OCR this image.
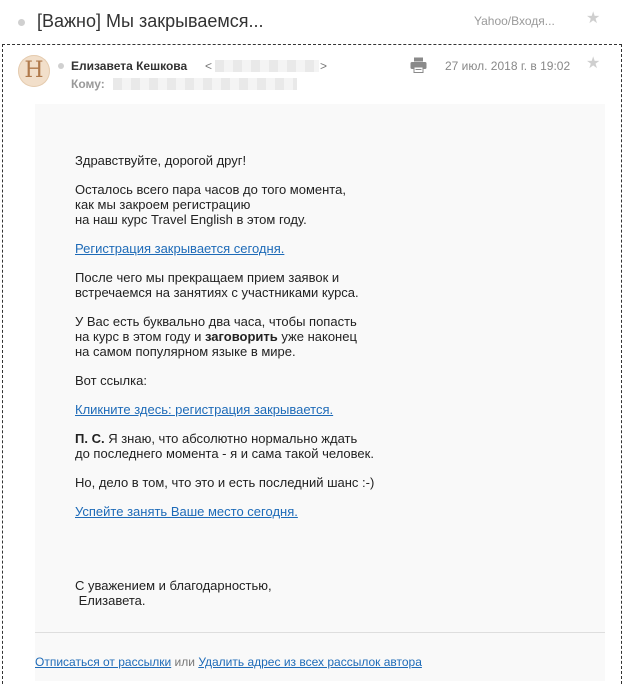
[Важно] Мы закрываемся...	Yahoo/Входя... ★
H	Елизавета Кешкова <	>
Кому:
27 июл. 2018 г. в 19:02 ★

Здравствуйте, дорогой друг!

Осталось всего пара часов до того момента,
как мы закроем регистрацию
на наш курс Travel English в этом году.

Регистрация закрывается сегодня.

После чего мы прекращаем прием заявок и
встречаемся на занятиях с участниками курса.

У Вас есть буквально два часа, чтобы попасть
на курс в этом году и заговорить уже наконец
на самом популярном языке в мире.

Вот ссылка:

Кликните здесь: регистрация закрывается.

П. С. Я знаю, что абсолютно нормально ждать
до последнего момента - я и сама такой человек.

Но, дело в том, что это и есть последний шанс :-)

Успейте занять Ваше место сегодня.

С уважением и благодарностью,
Елизавета.

Отписаться от рассылки или Удалить адрес из всех рассылок автора
